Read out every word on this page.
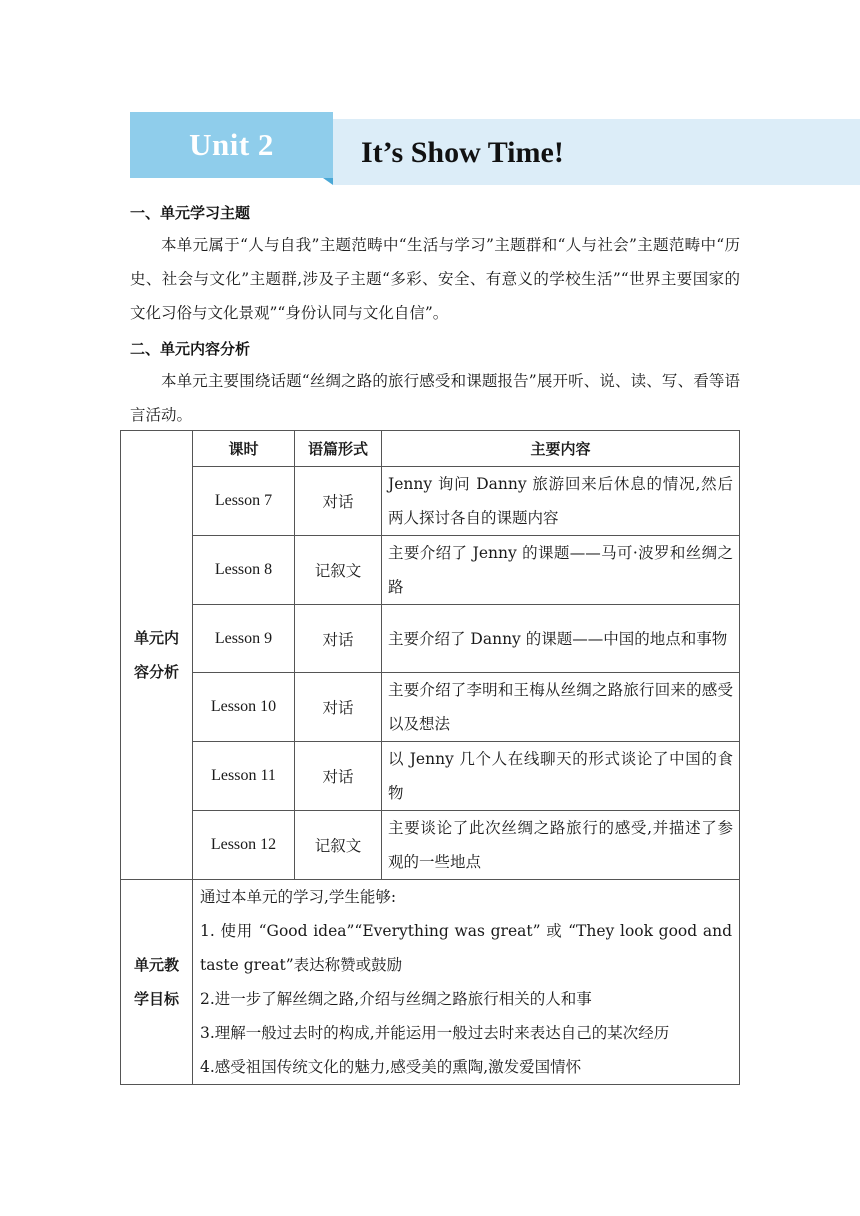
Unit 2	It’s Show Time!
一、单元学习主题
本单元属于“人与自我”主题范畴中“生活与学习”主题群和“人与社会”主题范畴中“历史、社会与文化”主题群,涉及子主题“多彩、安全、有意义的学校生活”“世界主要国家的文化习俗与文化景观”“身份认同与文化自信”。
二、单元内容分析
本单元主要围绕话题“丝绸之路的旅行感受和课题报告”展开听、说、读、写、看等语言活动。
单元内容分析	课时	语篇形式	主要内容
	Lesson 7	对话	Jenny 询问 Danny 旅游回来后休息的情况,然后两人探讨各自的课题内容
	Lesson 8	记叙文	主要介绍了 Jenny 的课题——马可·波罗和丝绸之路
	Lesson 9	对话	主要介绍了 Danny 的课题——中国的地点和事物
	Lesson 10	对话	主要介绍了李明和王梅从丝绸之路旅行回来的感受以及想法
	Lesson 11	对话	以 Jenny 几个人在线聊天的形式谈论了中国的食物
	Lesson 12	记叙文	主要谈论了此次丝绸之路旅行的感受,并描述了参观的一些地点

单元教学目标	通过本单元的学习,学生能够:
1. 使用 “Good idea”“Everything was great” 或 “They look good and taste great”表达称赞或鼓励
2.进一步了解丝绸之路,介绍与丝绸之路旅行相关的人和事
3.理解一般过去时的构成,并能运用一般过去时来表达自己的某次经历
4.感受祖国传统文化的魅力,感受美的熏陶,激发爱国情怀		
